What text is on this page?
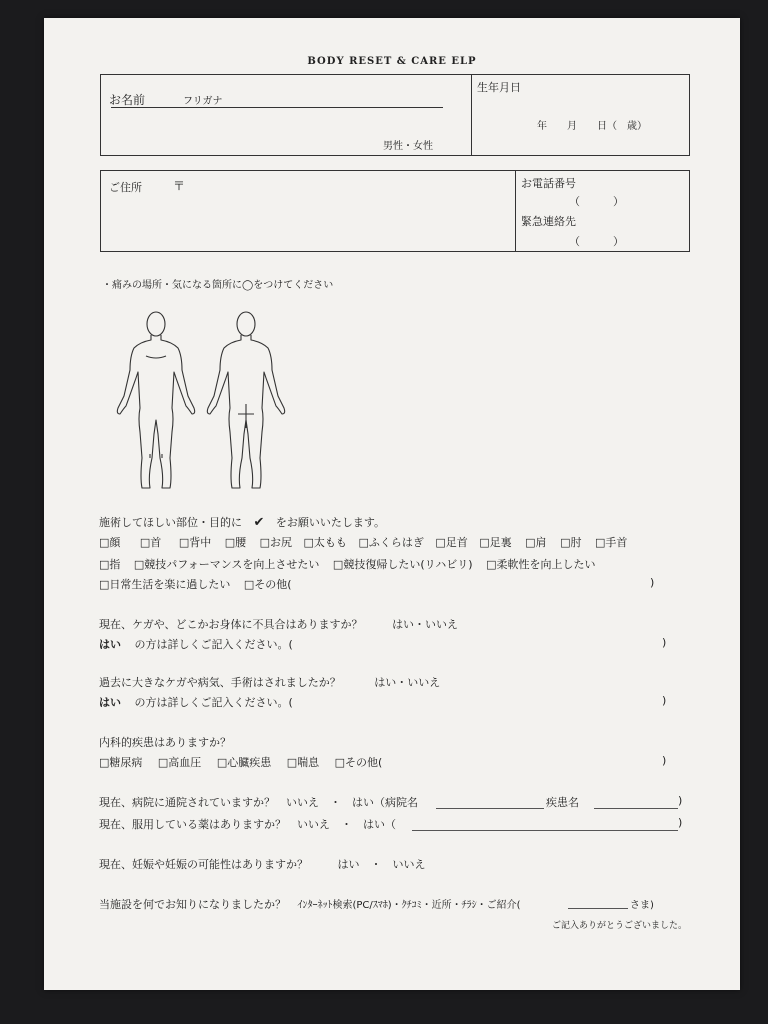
BODY RESET & CARE ELP
お名前	フリガナ
男性・女性
生年月日
年　　月　　日（　歳）
ご住所	〒	お電話番号
（　　　）
緊急連絡先
（　　　）
・痛みの場所・気になる箇所に◯をつけてください
施術してほしい部位・目的に ✔ をお願いいたします。
□顔 □首 □背中 □腰 □お尻 □太もも □ふくらはぎ □足首 □足裏 □肩 □肘 □手首
□指 □競技パフォーマンスを向上させたい □競技復帰したい(リハビリ) □柔軟性を向上したい
□日常生活を楽に過したい □その他(	)
現在、ケガや、どこかお身体に不具合はありますか？	はい・いいえ
はい の方は詳しくご記入ください。(	)
過去に大きなケガや病気、手術はされましたか？	はい・いいえ
はい の方は詳しくご記入ください。(	)
内科的疾患はありますか？
□糖尿病 □高血圧 □心臓疾患 □喘息 □その他(	)
現在、病院に通院されていますか？　いいえ　・　はい（病院名	疾患名	)
現在、服用している薬はありますか？　いいえ　・　はい（	)
現在、妊娠や妊娠の可能性はありますか？	はい　・　いいえ
当施設を何でお知りになりましたか？ ｲﾝﾀｰﾈｯﾄ検索(PC/ｽﾏﾎ)・ｸﾁｺﾐ・近所・ﾁﾗｼ・ご紹介(	さま)
ご記入ありがとうございました。
